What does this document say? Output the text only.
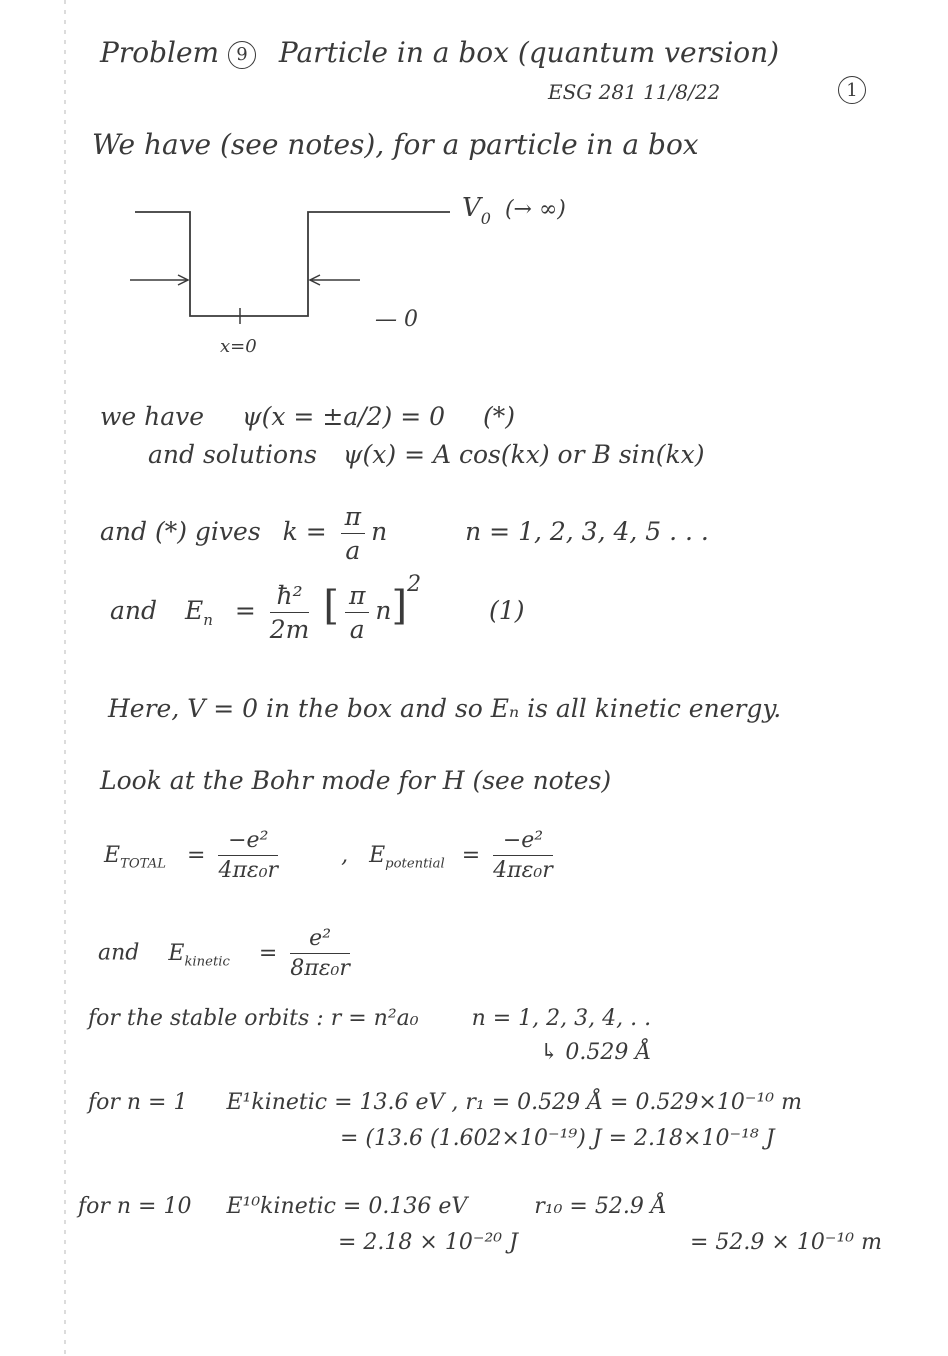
Problem 9 Particle in a box (quantum version)
1
ESG 281 11/8/22
We have (see notes), for a particle in a box
$V_0$ (→ ∞)
— 0
x=0
we have ψ(x = ±a/2) = 0 (*)
and solutions ψ(x) = A cos(kx) or B sin(kx)
and (*) gives $k = \frac{\pi}{a}$ n	n = 1, 2, 3, 4, 5 . . .
and $E_n = \frac{\text{ħ²}}{2m}$ [ $\frac{\pi}{a} n]^2$ (1)
Here, V = 0 in the box and so Eₙ is all kinetic energy.
Look at the Bohr mode for H (see notes)
$E_{TOTAL} = \frac{\text{−e²}}{\text{4πε₀r}}$	, $E_{potential} = \frac{\text{−e²}}{\text{4πε₀r}}$
and $E_{kinetic} = \frac{\text{e²}}{\text{8πε₀r}}$
for the stable orbits : r = n²a₀ n = 1, 2, 3, 4, . .
↳ 0.529 Å
for n = 1 E¹kinetic = 13.6 eV , r₁ = 0.529 Å = 0.529×10⁻¹⁰ m
= (13.6 (1.602×10⁻¹⁹) J = 2.18×10⁻¹⁸ J
for n = 10 E¹⁰kinetic = 0.136 eV	r₁₀ = 52.9 Å
= 2.18 × 10⁻²⁰ J	= 52.9 × 10⁻¹⁰ m
